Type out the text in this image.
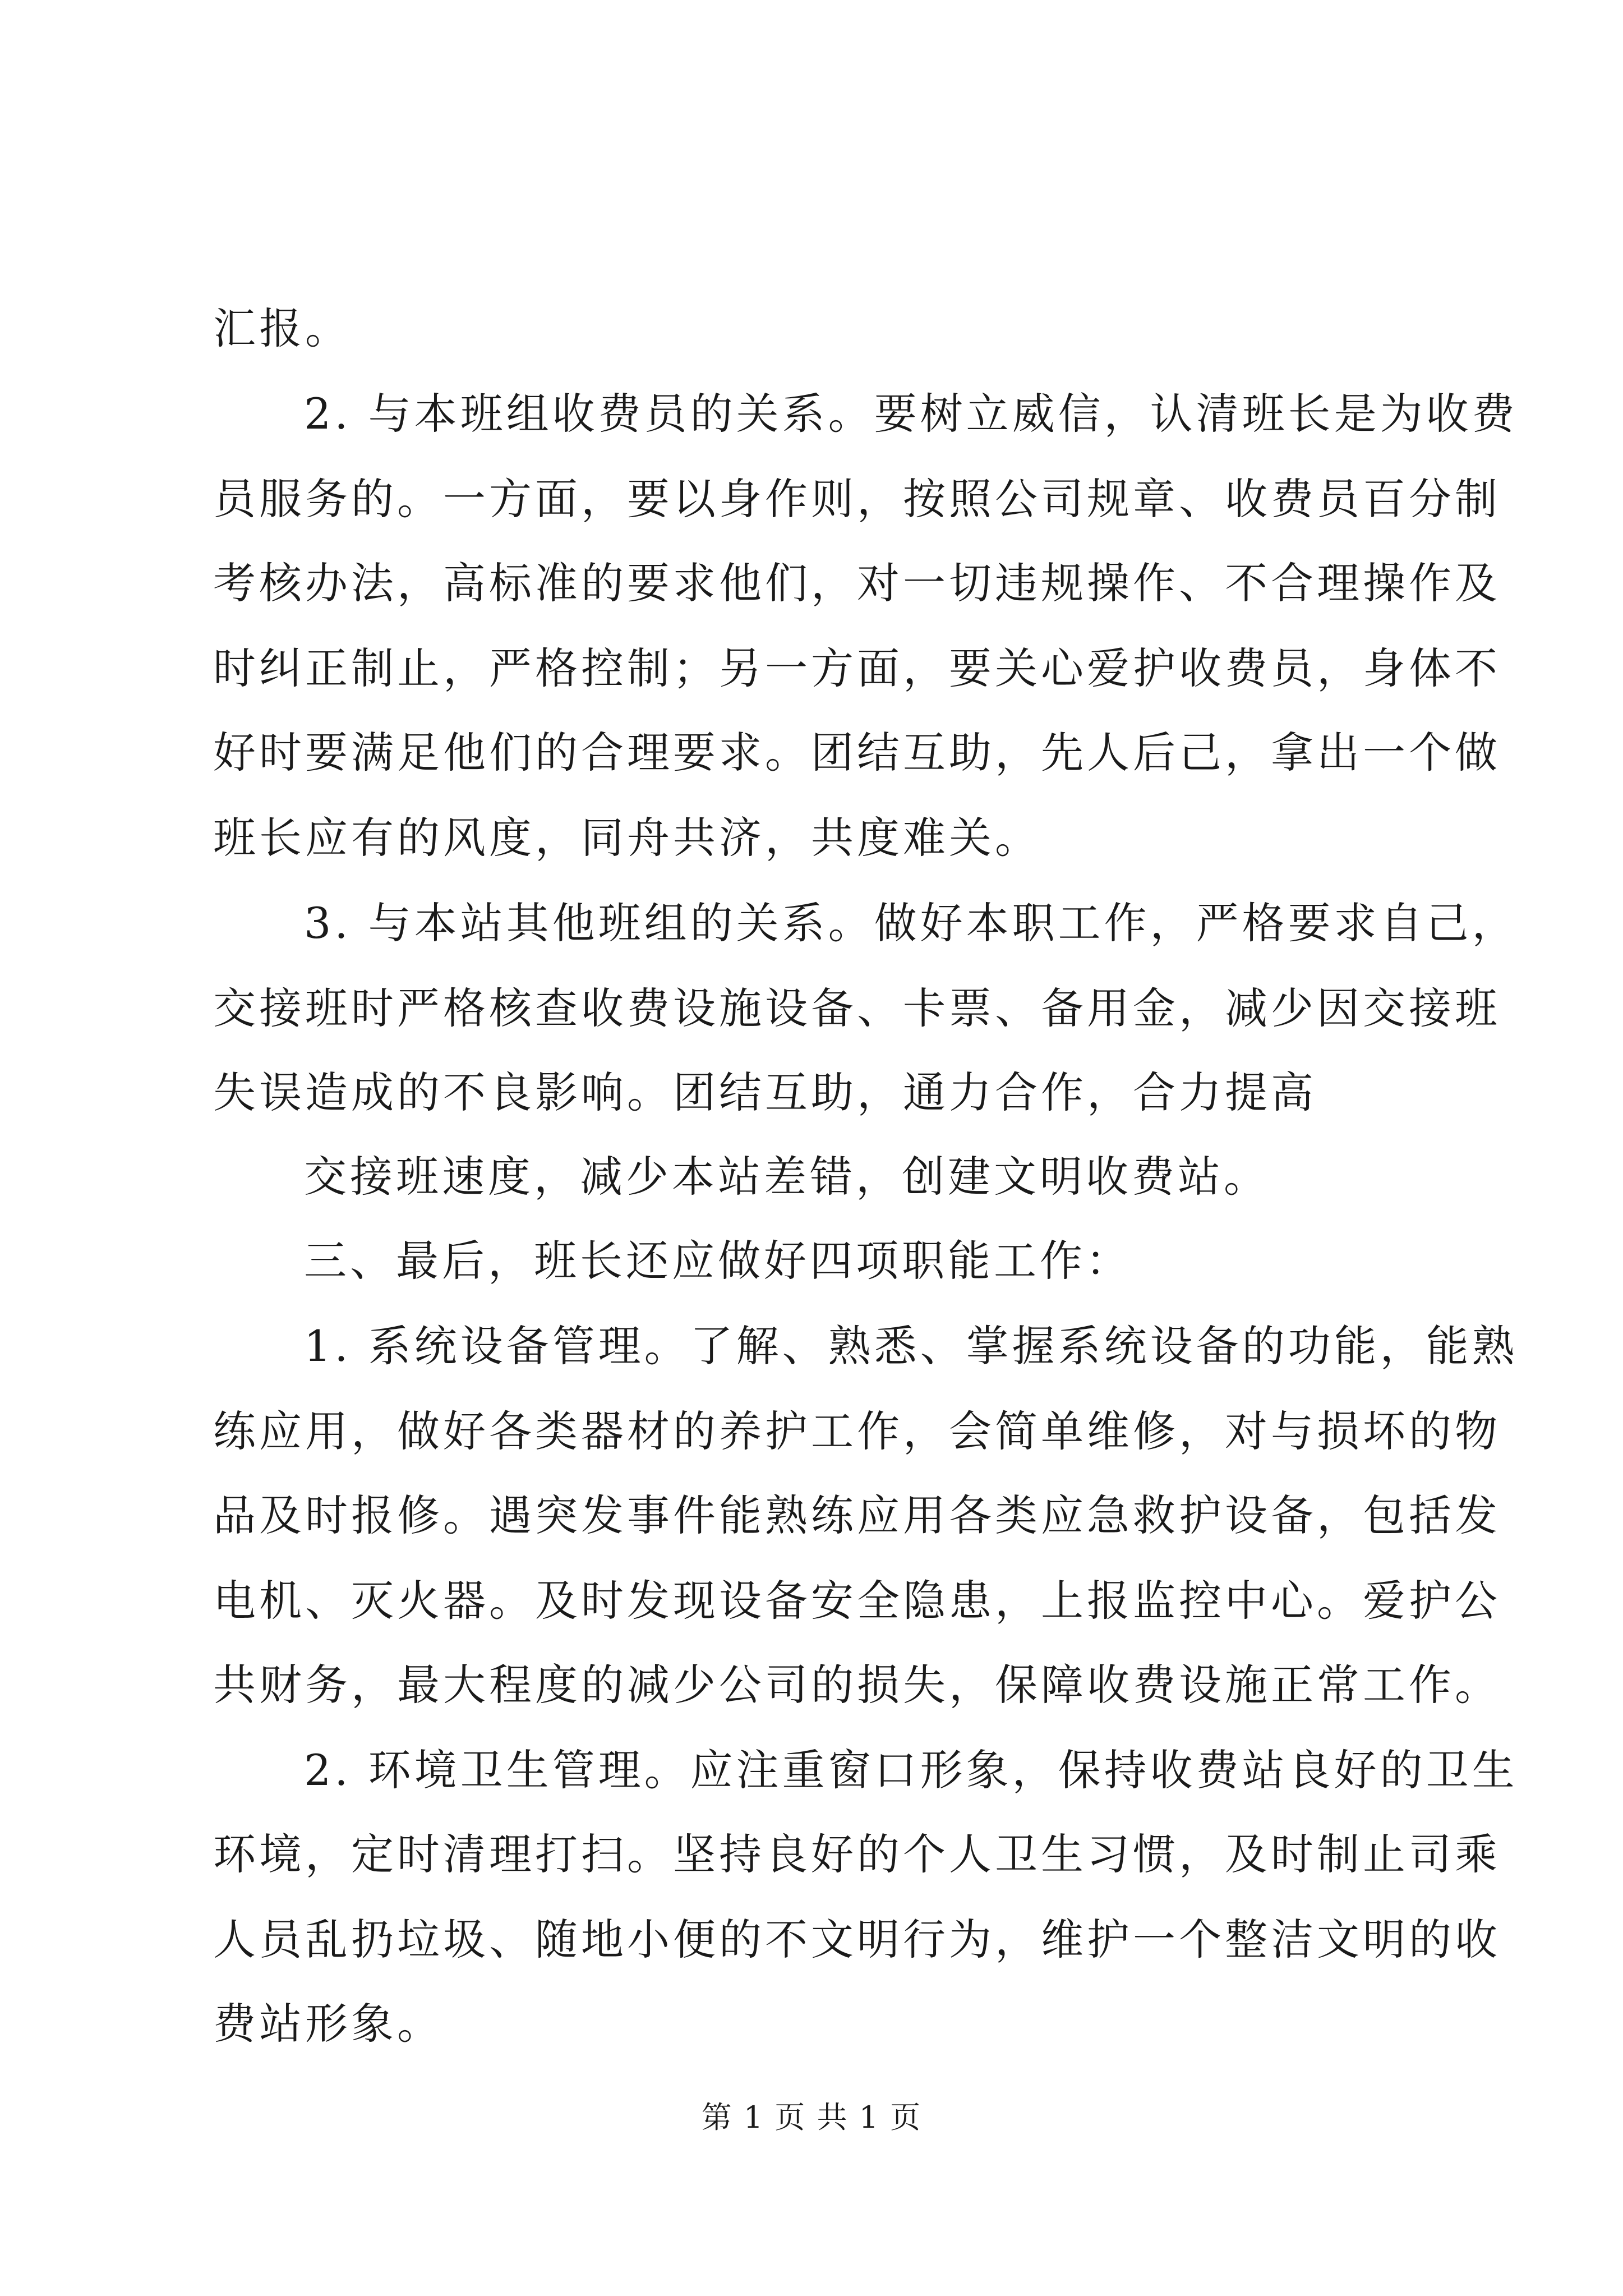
汇报。
2. 与本班组收费员的关系。要树立威信，认清班长是为收费
员服务的。一方面，要以身作则，按照公司规章、收费员百分制
考核办法，高标准的要求他们，对一切违规操作、不合理操作及
时纠正制止，严格控制；另一方面，要关心爱护收费员，身体不
好时要满足他们的合理要求。团结互助，先人后己，拿出一个做
班长应有的风度，同舟共济，共度难关。
3. 与本站其他班组的关系。做好本职工作，严格要求自己，
交接班时严格核查收费设施设备、卡票、备用金，减少因交接班
失误造成的不良影响。团结互助，通力合作，合力提高
交接班速度，减少本站差错，创建文明收费站。
三、最后，班长还应做好四项职能工作：
1. 系统设备管理。了解、熟悉、掌握系统设备的功能，能熟
练应用，做好各类器材的养护工作，会简单维修，对与损坏的物
品及时报修。遇突发事件能熟练应用各类应急救护设备，包括发
电机、灭火器。及时发现设备安全隐患，上报监控中心。爱护公
共财务，最大程度的减少公司的损失，保障收费设施正常工作。
2. 环境卫生管理。应注重窗口形象，保持收费站良好的卫生
环境，定时清理打扫。坚持良好的个人卫生习惯，及时制止司乘
人员乱扔垃圾、随地小便的不文明行为，维护一个整洁文明的收
费站形象。
第 1 页 共 1 页
